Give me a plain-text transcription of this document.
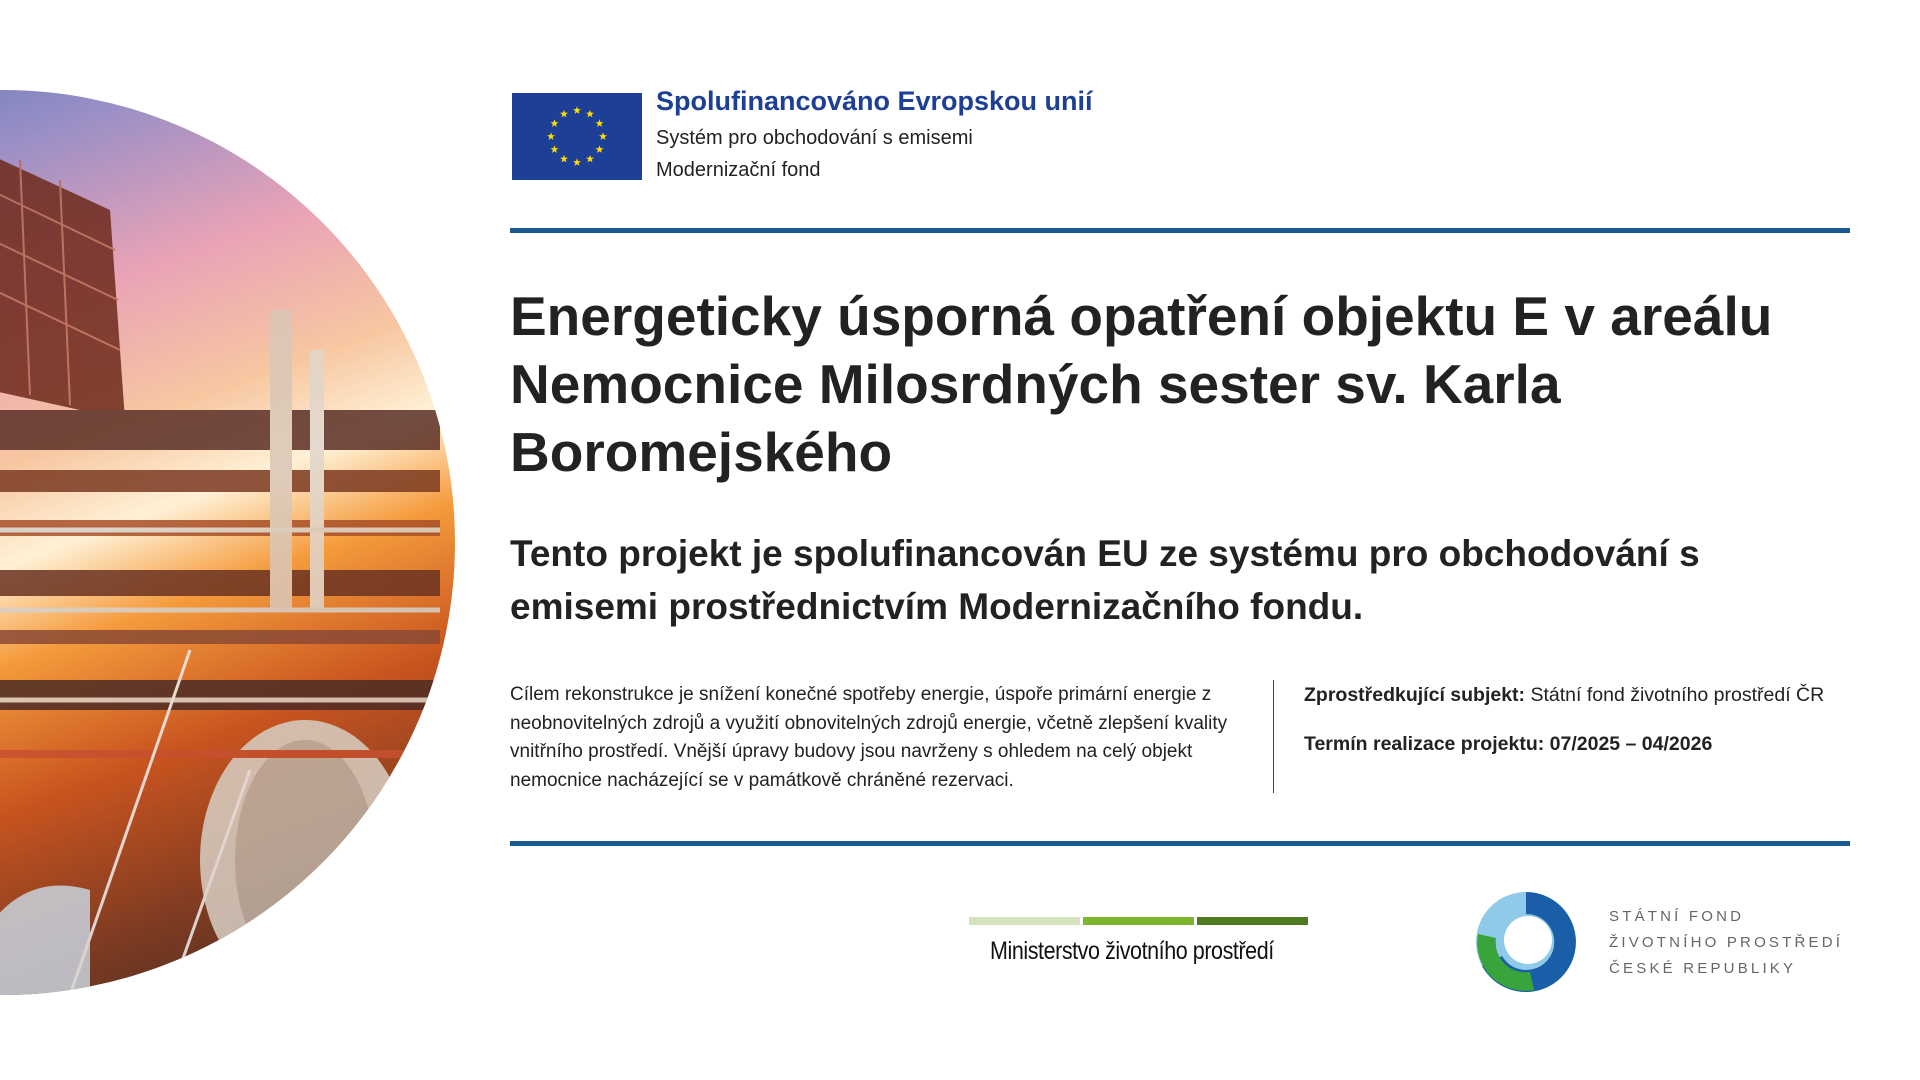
Spolufinancováno Evropskou unií
Systém pro obchodování s emisemi
Modernizační fond
Energeticky úsporná opatření objektu E v areálu Nemocnice Milosrdných sester sv. Karla Boromejského

Tento projekt je spolufinancován EU ze systému pro obchodování s emisemi prostřednictvím Modernizačního fondu.

Cílem rekonstrukce je snížení konečné spotřeby energie, úspoře primární energie z neobnovitelných zdrojů a využití obnovitelných zdrojů energie, včetně zlepšení kvality vnitřního prostředí. Vnější úpravy budovy jsou navrženy s ohledem na celý objekt nemocnice nacházející se v památkově chráněné rezervaci.

Zprostředkující subjekt: Státní fond životního prostředí ČR
Termín realizace projektu: 07/2025 – 04/2026
Ministerstvo životního prostředí
STÁTNÍ FOND
ŽIVOTNÍHO PROSTŘEDÍ
ČESKÉ REPUBLIKY
